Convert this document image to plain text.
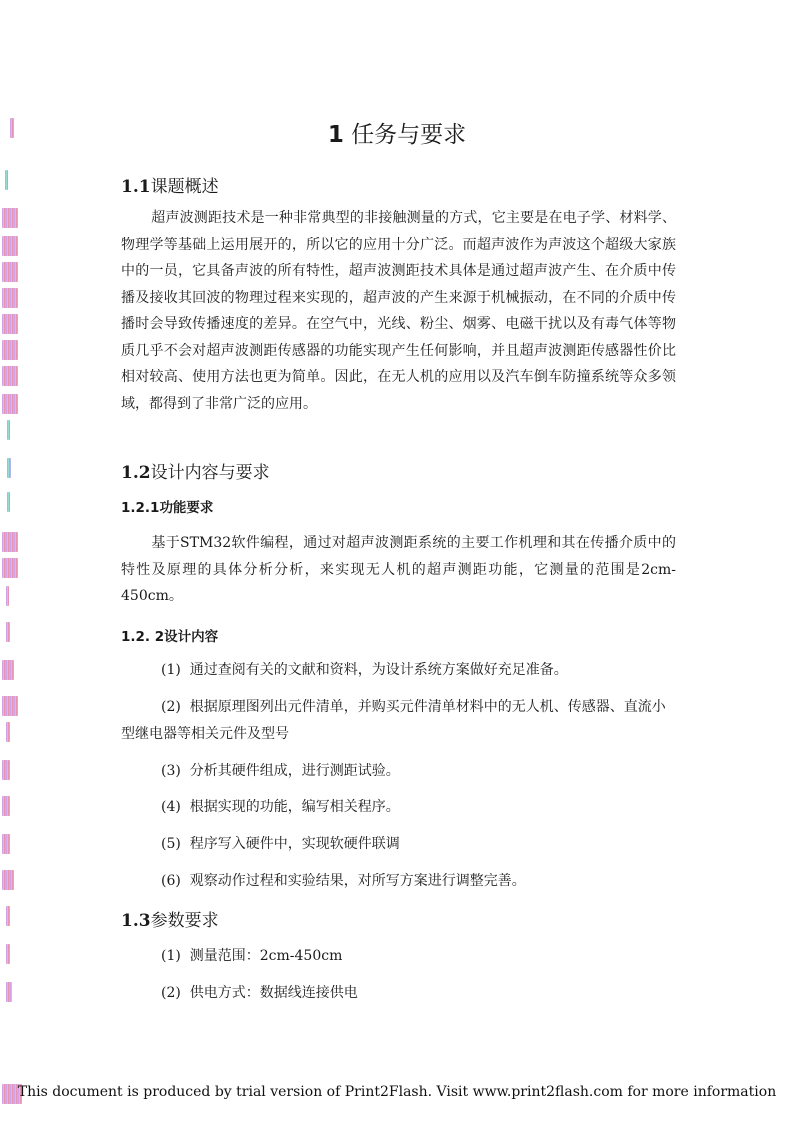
1 任务与要求
1.1课题概述
超声波测距技术是一种非常典型的非接触测量的方式，它主要是在电子学、材料学、物理学等基础上运用展开的，所以它的应用十分广泛。而超声波作为声波这个超级大家族中的一员，它具备声波的所有特性，超声波测距技术具体是通过超声波产生、在介质中传播及接收其回波的物理过程来实现的，超声波的产生来源于机械振动，在不同的介质中传播时会导致传播速度的差异。在空气中，光线、粉尘、烟雾、电磁干扰以及有毒气体等物质几乎不会对超声波测距传感器的功能实现产生任何影响，并且超声波测距传感器性价比相对较高、使用方法也更为简单。因此，在无人机的应用以及汽车倒车防撞系统等众多领域，都得到了非常广泛的应用。
1.2设计内容与要求
1.2.1功能要求
基于STM32软件编程，通过对超声波测距系统的主要工作机理和其在传播介质中的特性及原理的具体分析分析，来实现无人机的超声测距功能，它测量的范围是2cm-450cm。
1.2. 2设计内容
(1) 通过查阅有关的文献和资料，为设计系统方案做好充足准备。
(2) 根据原理图列出元件清单，并购买元件清单材料中的无人机、传感器、直流小型继电器等相关元件及型号
(3) 分析其硬件组成，进行测距试验。
(4) 根据实现的功能，编写相关程序。
(5) 程序写入硬件中，实现软硬件联调
(6) 观察动作过程和实验结果，对所写方案进行调整完善。
1.3参数要求
(1) 测量范围：2cm-450cm
(2) 供电方式：数据线连接供电
This document is produced by trial version of Print2Flash. Visit www.print2flash.com for more information
